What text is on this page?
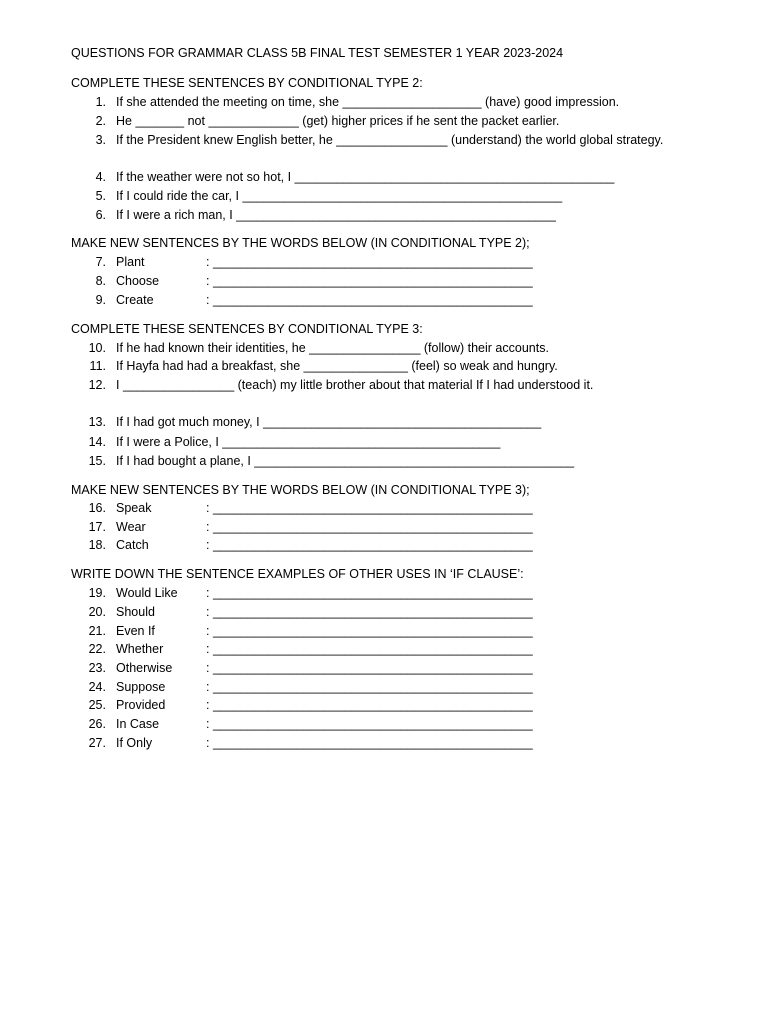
QUESTIONS FOR GRAMMAR CLASS 5B FINAL TEST SEMESTER 1 YEAR 2023-2024
COMPLETE THESE SENTENCES BY CONDITIONAL TYPE 2:
1. If she attended the meeting on time, she ____________________ (have) good impression.
2. He _______ not _____________ (get) higher prices if he sent the packet earlier.
3. If the President knew English better, he ________________ (understand) the world global strategy.
4. If the weather were not so hot, I ______________________________________________
5. If I could ride the car, I ______________________________________________
6. If I were a rich man, I ______________________________________________
MAKE NEW SENTENCES BY THE WORDS BELOW (IN CONDITIONAL TYPE 2);
7. Plant	: ______________________________________________
8. Choose	: ______________________________________________
9. Create	: ______________________________________________
COMPLETE THESE SENTENCES BY CONDITIONAL TYPE 3:
10. If he had known their identities, he ________________ (follow) their accounts.
11. If Hayfa had had a breakfast, she _______________ (feel) so weak and hungry.
12. I ________________ (teach) my little brother about that material If I had understood it.
13. If I had got much money, I ________________________________________
14. If I were a Police, I ________________________________________
15. If I had bought a plane, I ______________________________________________
MAKE NEW SENTENCES BY THE WORDS BELOW (IN CONDITIONAL TYPE 3);
16. Speak	: ______________________________________________
17. Wear	: ______________________________________________
18. Catch	: ______________________________________________
WRITE DOWN THE SENTENCE EXAMPLES OF OTHER USES IN ‘IF CLAUSE’:
19. Would Like : ______________________________________________
20. Should	: ______________________________________________
21. Even If	: ______________________________________________
22. Whether	: ______________________________________________
23. Otherwise	: ______________________________________________
24. Suppose	: ______________________________________________
25. Provided	: ______________________________________________
26. In Case	: ______________________________________________
27. If Only	: ______________________________________________
